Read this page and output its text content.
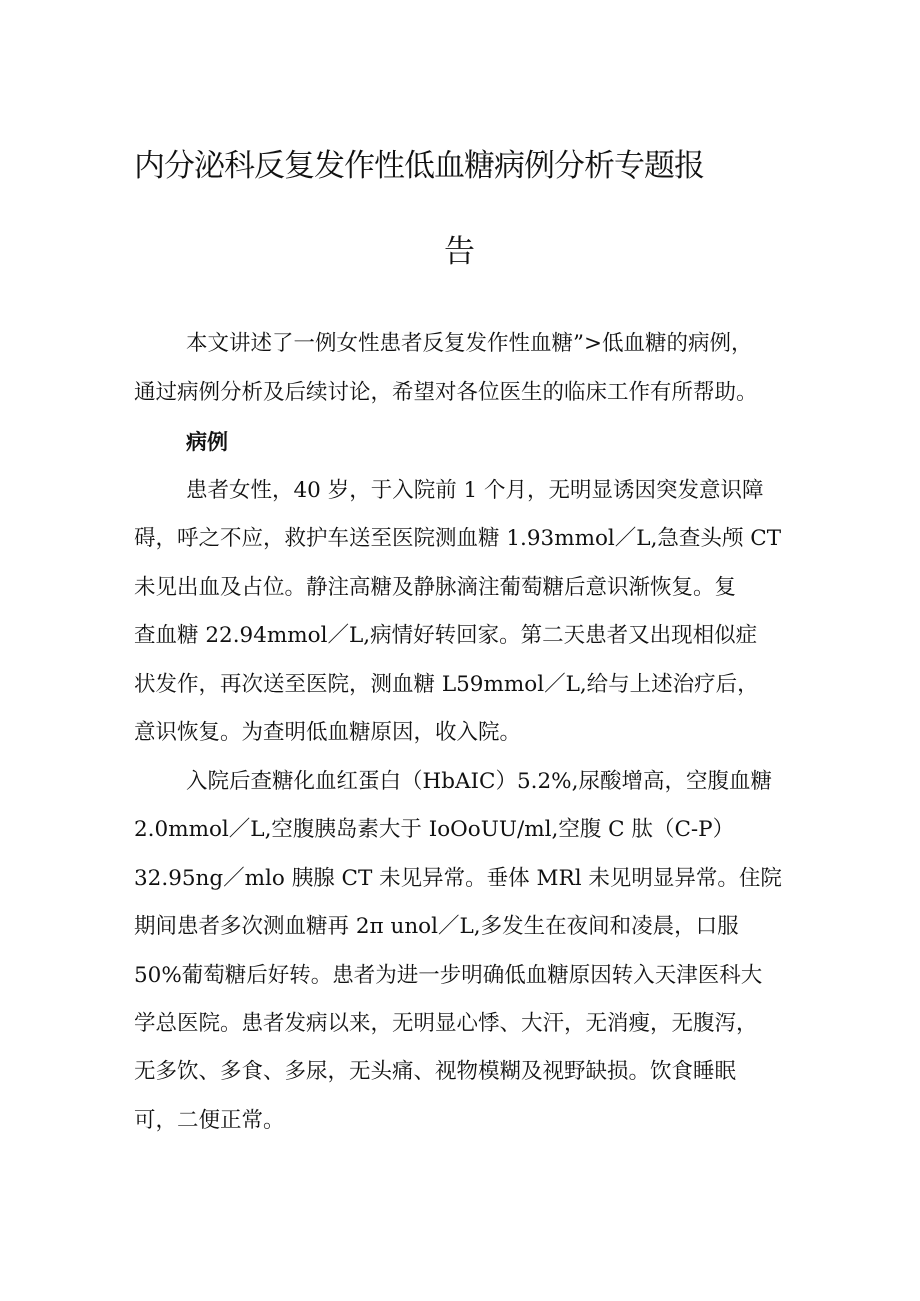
内分泌科反复发作性低血糖病例分析专题报
告
本文讲述了一例女性患者反复发作性血糖”>低血糖的病例，
通过病例分析及后续讨论，希望对各位医生的临床工作有所帮助。
病例
患者女性，40 岁，于入院前 1 个月，无明显诱因突发意识障
碍，呼之不应，救护车送至医院测血糖 1.93mmol／L,急查头颅 CT
未见出血及占位。静注高糖及静脉滴注葡萄糖后意识渐恢复。复
查血糖 22.94mmol／L,病情好转回家。第二天患者又出现相似症
状发作，再次送至医院，测血糖 L59mmol／L,给与上述治疗后，
意识恢复。为查明低血糖原因，收入院。
入院后查糖化血红蛋白（HbAIC）5.2%,尿酸增高，空腹血糖
2.0mmol／L,空腹胰岛素大于 IoOoUU/ml,空腹 C 肽（C-P）
32.95ng／mlo 胰腺 CT 未见异常。垂体 MRl 未见明显异常。住院
期间患者多次测血糖再 2π unol／L,多发生在夜间和凌晨，口服
50%葡萄糖后好转。患者为进一步明确低血糖原因转入天津医科大
学总医院。患者发病以来，无明显心悸、大汗，无消瘦，无腹泻，
无多饮、多食、多尿，无头痛、视物模糊及视野缺损。饮食睡眠
可，二便正常。
